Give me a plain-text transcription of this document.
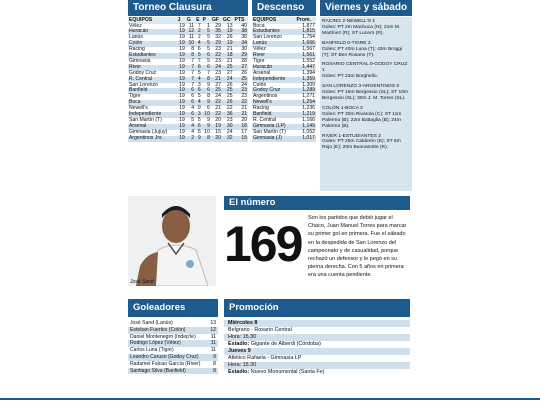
Torneo Clausura
EQUIPOS	J	G	E	P	GF	GC	PTS
Vélez	19	11	7	1	29	13	40
Huracán	19	12	2	5	35	19	38
Lanús	19	11	2	5	32	26	38
Colón	19	10	4	5	29	19	34
Racing	19	8	6	5	23	21	30
Estudiantes	19	8	5	6	22	18	29
Gimnasia	19	7	7	5	23	21	28
River	19	7	6	6	24	25	27
Godoy Cruz	19	7	5	7	23	27	26
R. Central	19	7	4	8	21	24	25
San Lorenzo	19	7	3	9	27	26	24
Banfield	19	6	6	6	25	25	23
Tigre	19	6	5	8	24	25	23
Boca	19	6	4	9	22	26	22
Newell's	19	4	9	6	21	22	21
Independiente	19	6	3	10	22	36	21
San Martín (T)	19	5	5	9	20	23	20
Arsenal	19	4	6	9	19	30	18
Gimnasia (Jujuy)	19	4	5	10	15	24	17
Argentinos Jrs.	19	2	9	8	20	32	15
Descenso
EQUIPOS	Prom.
Boca	1,877
Estudiantes	1,815
San Lorenzo	1,754
Lanús	1,666
Vélez	1,567
River	1,561
Tigre	1,552
Huracán	1,447
Arsenal	1,394
Independiente	1,359
Colón	1,309
Godoy Cruz	1,289
Argentinos	1,271
Newell's	1,254
Racing	1,236
Banfield	1,219
R. Central	1,166
Gimnasia (LP)	1,149
San Martín (T)	1,052
Gimnasia (J)	1,017
Viernes y sábado

RACING 2-NEWELL'S 1

Goles: PT 2m Machuca (N); 21m M. Martínez (R); ST Lucero (R).

BANFIELD 0-TIGRE 3

Goles: PT 40m Luna (T); 43m Broggi (T); ST Ben Rosano (T).

ROSARIO CENTRAL 0-GODOY CRUZ 1

Goles: PT 23m Borghello.

SAN LORENZO 3-ARGENTINOS 0

Goles: PT 15m Bergessio (SL); ST 10m Bergessio (SL); 30m J. M. Torres (SL).

COLÓN 1-BOCA 3

Goles: PT 30m Rivarola (C); ST 11m Palermo (B); 22m Battaglia (B); 24m Palermo (B).

RIVER 1-ESTUDIANTES 2

Goles: PT 25m Calderón (E); ST 5m Rojo (E); 20m Buonanotte (R).

José Sand
El número
169	Son los partidos que debió jugar el Chaco, Juan Manuel Torres para marcar su primer gol en primera. Fue el sábado en la despedida de San Lorenzo del campeonato y de casualidad, porque rechazó un defensor y le pegó en su pierna derecha. Con 5 años en primera era una cuenta pendiente.
Goleadores
José Sand (Lanús)	13
Esteban Fuertes (Colón)	12
Daniel Montenegro (Indep'te)	11
Rodrigo López (Vélez)	11
Carlos Luna (Tigre)	11
Leandro Caruso (Godoy Cruz)	9
Radamel Falcao García (River)	8
Santiago Silva (Banfield)	8
Promoción
Miércoles 8
Belgrano - Rosario Central
Hora: 15.30
Estadio: Gigante de Alberdi (Córdoba)
Jueves 9
Atlético Rafaela - Gimnasia LP
Hora: 15.30
Estadio: Nuevo Monumental (Santa Fe)
